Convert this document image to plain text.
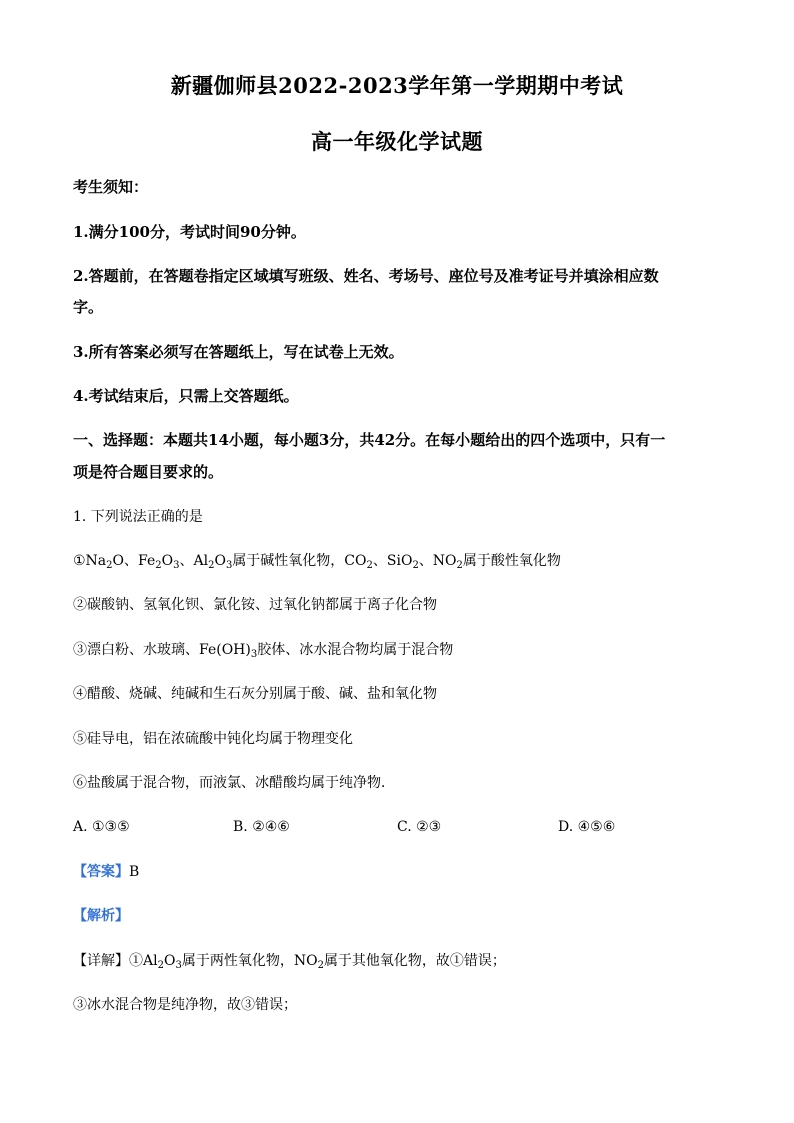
新疆伽师县2022-2023学年第一学期期中考试
高一年级化学试题
考生须知：
1.满分100分，考试时间90分钟。
2.答题前，在答题卷指定区域填写班级、姓名、考场号、座位号及准考证号并填涂相应数
字。
3.所有答案必须写在答题纸上，写在试卷上无效。
4.考试结束后，只需上交答题纸。
一、选择题：本题共14小题，每小题3分，共42分。在每小题给出的四个选项中，只有一
项是符合题目要求的。
1. 下列说法正确的是
$①Na_2O$、$Fe_2O_3$、$Al_2O_3$属于碱性氧化物，$CO_2$、SiO$_2$、$NO_2$属于酸性氧化物
②碳酸钠、氢氧化钡、氯化铵、过氧化钠都属于离子化合物
③漂白粉、水玻璃、$Fe(OH)_3$胶体、冰水混合物均属于混合物
④醋酸、烧碱、纯碱和生石灰分别属于酸、碱、盐和氧化物
⑤硅导电，铝在浓硫酸中钝化均属于物理变化
⑥盐酸属于混合物，而液氯、冰醋酸均属于纯净物．
A. ①③⑤	B. ②④⑥	C. ②③	D. ④⑤⑥
【答案】B
【解析】
【详解】$①Al_2O_3$属于两性氧化物，$NO_2$属于其他氧化物，故①错误；
③冰水混合物是纯净物，故③错误；
